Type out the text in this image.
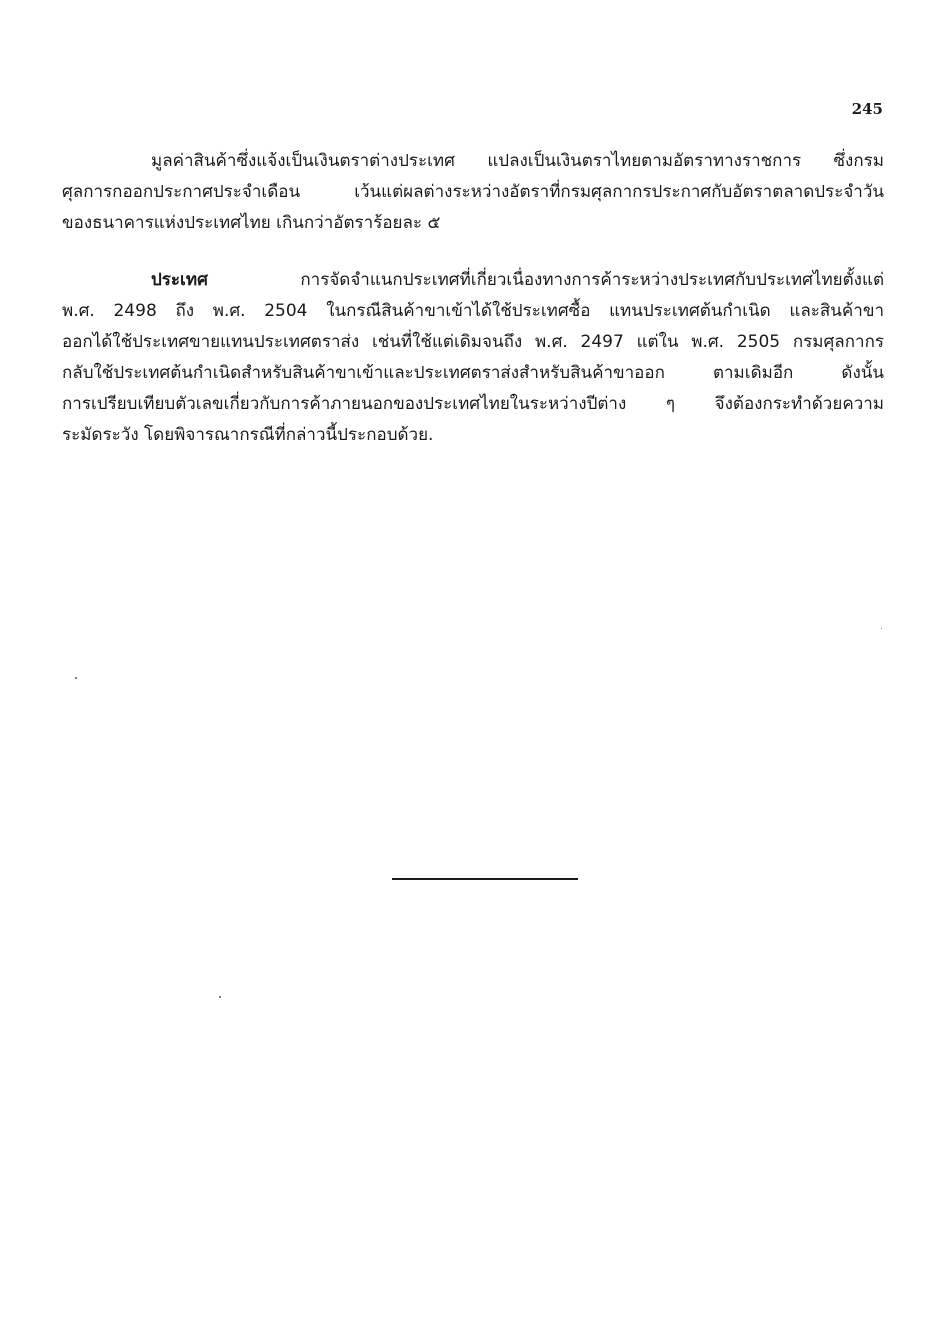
245
มูลค่าสินค้าซึ่งแจ้งเป็นเงินตราต่างประเทศ แปลงเป็นเงินตราไทยตามอัตราทางราชการ ซึ่งกรม
ศุลการกออกประกาศประจำเดือน เว้นแต่ผลต่างระหว่างอัตราที่กรมศุลกากรประกาศกับอัตราตลาดประจำวัน
ของธนาคารแห่งประเทศไทย เกินกว่าอัตราร้อยละ ๕
ประเทศ การจัดจำแนกประเทศที่เกี่ยวเนื่องทางการค้าระหว่างประเทศกับประเทศไทยตั้งแต่
พ.ศ. 2498 ถึง พ.ศ. 2504 ในกรณีสินค้าขาเข้าได้ใช้ประเทศซื้อ แทนประเทศต้นกำเนิด และสินค้าขา
ออกได้ใช้ประเทศขายแทนประเทศตราส่ง เช่นที่ใช้แต่เดิมจนถึง พ.ศ. 2497 แต่ใน พ.ศ. 2505 กรมศุลกากร
กลับใช้ประเทศต้นกำเนิดสำหรับสินค้าขาเข้าและประเทศตราส่งสำหรับสินค้าขาออก ตามเดิมอีก ดังนั้น
การเปรียบเทียบตัวเลขเกี่ยวกับการค้าภายนอกของประเทศไทยในระหว่างปีต่าง ๆ จึงต้องกระทำด้วยความ
ระมัดระวัง โดยพิจารณากรณีที่กล่าวนี้ประกอบด้วย.
